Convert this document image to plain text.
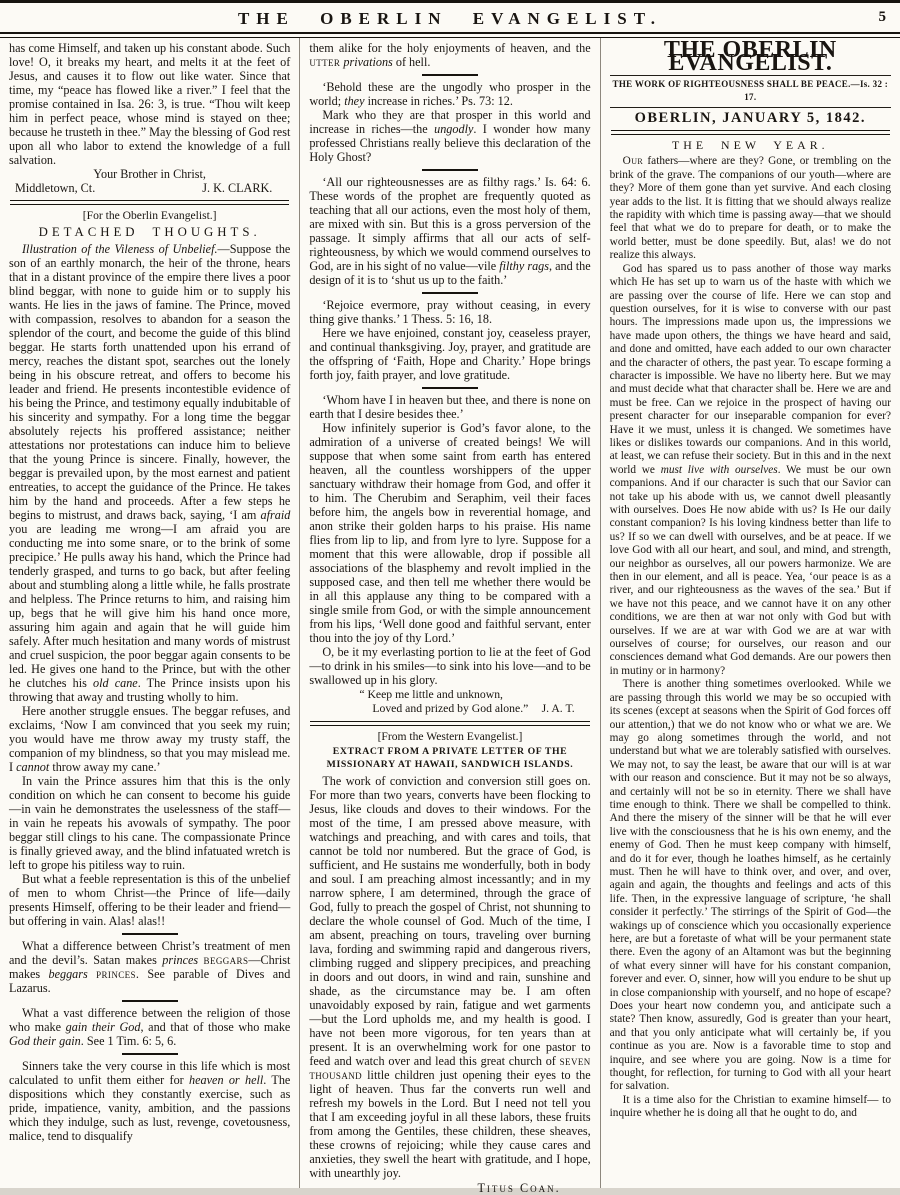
THE OBERLIN EVANGELIST.	5

has come Himself, and taken up his constant abode. Such love! O, it breaks my heart, and melts it at the feet of Jesus, and causes it to flow out like water. Since that time, my “peace has flowed like a river.” I feel that the promise contained in Isa. 26: 3, is true. “Thou wilt keep him in perfect peace, whose mind is stayed on thee; because he trusteth in thee.” May the blessing of God rest upon all who labor to extend the knowledge of a full salvation.

Your Brother in Christ,
Middletown, Ct.	J. K. CLARK.
[For the Oberlin Evangelist.]
DETACHED THOUGHTS.

Illustration of the Vileness of Unbelief.—Suppose the son of an earthly monarch, the heir of the throne, hears that in a distant province of the empire there lives a poor blind beggar, with none to guide him or to supply his wants. He lies in the jaws of famine. The Prince, moved with compassion, resolves to abandon for a season the splendor of the court, and become the guide of this blind beggar. He starts forth unattended upon his errand of mercy, reaches the distant spot, searches out the lonely being in his obscure retreat, and offers to become his leader and friend. He presents incontestible evidence of his being the Prince, and testimony equally indubitable of his sincerity and sympathy. For a long time the beggar absolutely rejects his proffered assistance; neither attestations nor protestations can induce him to believe that the young Prince is sincere. Finally, however, the beggar is prevailed upon, by the most earnest and patient entreaties, to accept the guidance of the Prince. He takes him by the hand and proceeds. After a few steps he begins to mistrust, and draws back, saying, ‘I am afraid you are leading me wrong—I am afraid you are conducting me into some snare, or to the brink of some precipice.’ He pulls away his hand, which the Prince had tenderly grasped, and turns to go back, but after feeling about and stumbling along a little while, he falls prostrate and helpless. The Prince returns to him, and raising him up, begs that he will give him his hand once more, assuring him again and again that he will guide him safely. After much hesitation and many words of mistrust and cruel suspicion, the poor beggar again consents to be led. He gives one hand to the Prince, but with the other he clutches his old cane. The Prince insists upon his throwing that away and trusting wholly to him.

Here another struggle ensues. The beggar refuses, and exclaims, ‘Now I am convinced that you seek my ruin; you would have me throw away my trusty staff, the companion of my blindness, so that you may mislead me. I cannot throw away my cane.’

In vain the Prince assures him that this is the only condition on which he can consent to become his guide—in vain he demonstrates the uselessness of the staff—in vain he repeats his avowals of sympathy. The poor beggar still clings to his cane. The compassionate Prince is finally grieved away, and the blind infatuated wretch is left to grope his pitiless way to ruin.

But what a feeble representation is this of the unbelief of men to whom Christ—the Prince of life—daily presents Himself, offering to be their leader and friend—but offering in vain. Alas! alas!!

What a difference between Christ’s treatment of men and the devil’s. Satan makes princes beggars—Christ makes beggars princes. See parable of Dives and Lazarus.

What a vast difference between the religion of those who make gain their God, and that of those who make God their gain. See 1 Tim. 6: 5, 6.

Sinners take the very course in this life which is most calculated to unfit them either for heaven or hell. The dispositions which they constantly exercise, such as pride, impatience, vanity, ambition, and the passions which they indulge, such as lust, revenge, covetousness, malice, tend to disqualify

them alike for the holy enjoyments of heaven, and the utter privations of hell.

‘Behold these are the ungodly who prosper in the world; they increase in riches.’ Ps. 73: 12.

Mark who they are that prosper in this world and increase in riches—the ungodly. I wonder how many professed Christians really believe this declaration of the Holy Ghost?

‘All our righteousnesses are as filthy rags.’ Is. 64: 6. These words of the prophet are frequently quoted as teaching that all our actions, even the most holy of them, are mixed with sin. But this is a gross perversion of the passage. It simply affirms that all our acts of self-righteousness, by which we would commend ourselves to God, are in his sight of no value—vile filthy rags, and the design of it is to ‘shut us up to the faith.’

‘Rejoice evermore, pray without ceasing, in every thing give thanks.’ 1 Thess. 5: 16, 18.

Here we have enjoined, constant joy, ceaseless prayer, and continual thanksgiving. Joy, prayer, and gratitude are the offspring of ‘Faith, Hope and Charity.’ Hope brings forth joy, faith prayer, and love gratitude.

‘Whom have I in heaven but thee, and there is none on earth that I desire besides thee.’

How infinitely superior is God’s favor alone, to the admiration of a universe of created beings! We will suppose that when some saint from earth has entered heaven, all the countless worshippers of the upper sanctuary withdraw their homage from God, and offer it to him. The Cherubim and Seraphim, veil their faces before him, the angels bow in reverential homage, and anon strike their golden harps to his praise. His name flies from lip to lip, and from lyre to lyre. Suppose for a moment that this were allowable, drop if possible all associations of the blasphemy and revolt implied in the supposed case, and then tell me whether there would be in all this applause any thing to be compared with a single smile from God, or with the simple announcement from his lips, ‘Well done good and faithful servant, enter thou into the joy of thy Lord.’

O, be it my everlasting portion to lie at the feet of God—to drink in his smiles—to sink into his love—and to be swallowed up in his glory.

“ Keep me little and unknown,
Loved and prized by God alone.”	J. A. T.
[From the Western Evangelist.]
EXTRACT FROM A PRIVATE LETTER OF THE MISSIONARY AT HAWAII, SANDWICH ISLANDS.

The work of conviction and conversion still goes on. For more than two years, converts have been flocking to Jesus, like clouds and doves to their windows. For the most of the time, I am pressed above measure, with watchings and preaching, and with cares and toils, that cannot be told nor numbered. But the grace of God, is sufficient, and He sustains me wonderfully, both in body and soul. I am preaching almost incessantly; and in my narrow sphere, I am determined, through the grace of God, fully to preach the gospel of Christ, not shunning to declare the whole counsel of God. Much of the time, I am absent, preaching on tours, traveling over burning lava, fording and swimming rapid and dangerous rivers, climbing rugged and slippery precipices, and preaching in doors and out doors, in wind and rain, sunshine and shade, as the circumstance may be. I am often unavoidably exposed by rain, fatigue and wet garments—but the Lord upholds me, and my health is good. I have not been more vigorous, for ten years than at present. It is an overwhelming work for one pastor to feed and watch over and lead this great church of seven thousand little children just opening their eyes to the light of heaven. Thus far the converts run well and refresh my bowels in the Lord. But I need not tell you that I am exceeding joyful in all these labors, these fruits from among the Gentiles, these children, these sheaves, these crowns of rejoicing; while they cause cares and anxieties, they swell the heart with gratitude, and I hope, with unearthly joy.

Titus Coan.
THE OBERLIN EVANGELIST.
THE WORK OF RIGHTEOUSNESS SHALL BE PEACE.—Is. 32 : 17.
OBERLIN, JANUARY 5, 1842.
THE NEW YEAR.

Our fathers—where are they? Gone, or trembling on the brink of the grave. The companions of our youth—where are they? More of them gone than yet survive. And each closing year adds to the list. It is fitting that we should always realize the rapidity with which time is passing away—that we should feel that what we do to prepare for death, or to make the world better, must be done speedily. But, alas! we do not realize this always.

God has spared us to pass another of those way marks which He has set up to warn us of the haste with which we are passing over the course of life. Here we can stop and question ourselves, for it is wise to converse with our past hours. The impressions made upon us, the impressions we have made upon others, the things we have heard and said, and done and omitted, have each added to our own character and the character of others, the past year. To escape forming a character is impossible. We have no liberty here. But we may and must decide what that character shall be. Here we are and must be free. Can we rejoice in the prospect of having our present character for our inseparable companion for ever? Have it we must, unless it is changed. We sometimes have likes or dislikes towards our companions. And in this world, at least, we can refuse their society. But in this and in the next world we must live with ourselves. We must be our own companions. And if our character is such that our Savior can not take up his abode with us, we cannot dwell pleasantly with ourselves. Does He now abide with us? Is He our daily constant companion? Is his loving kindness better than life to us? If so we can dwell with ourselves, and be at peace. If we love God with all our heart, and soul, and mind, and strength, our neighbor as ourselves, all our powers harmonize. We are then in our element, and all is peace. Yea, ‘our peace is as a river, and our righteousness as the waves of the sea.’ But if we have not this peace, and we cannot have it on any other conditions, we are then at war not only with God but with ourselves. If we are at war with God we are at war with ourselves of course; for ourselves, our reason and our consciences demand what God demands. Are our powers then in mutiny or in harmony?

There is another thing sometimes overlooked. While we are passing through this world we may be so occupied with its scenes (except at seasons when the Spirit of God forces off our attention,) that we do not know who or what we are. We may go along sometimes through the world, and not understand but what we are tolerably satisfied with ourselves. We may not, to say the least, be aware that our will is at war with our reason and conscience. But it may not be so always, and certainly will not be so in eternity. There we shall have time enough to think. There we shall be compelled to think. And there the misery of the sinner will be that he will ever live with the consciousness that he is his own enemy, and the enemy of God. Then he must keep company with himself, and do it for ever, though he loathes himself, as he certainly must. Then he will have to think over, and over, and over, again and again, the thoughts and feelings and acts of this life. Then, in the expressive language of scripture, ‘he shall consider it perfectly.’ The stirrings of the Spirit of God—the wakings up of conscience which you occasionally experience here, are but a foretaste of what will be your permanent state there. Even the agony of an Altamont was but the beginning of what every sinner will have for his constant companion, forever and ever. O, sinner, how will you endure to be shut up in close companionship with yourself, and no hope of escape? Does your heart now condemn you, and anticipate such a state? Then know, assuredly, God is greater than your heart, and that you only anticipate what will certainly be, if you continue as you are. Now is a favorable time to stop and inquire, and see where you are going. Now is a time for thought, for reflection, for turning to God with all your heart for salvation.

It is a time also for the Christian to examine himself— to inquire whether he is doing all that he ought to do, and
